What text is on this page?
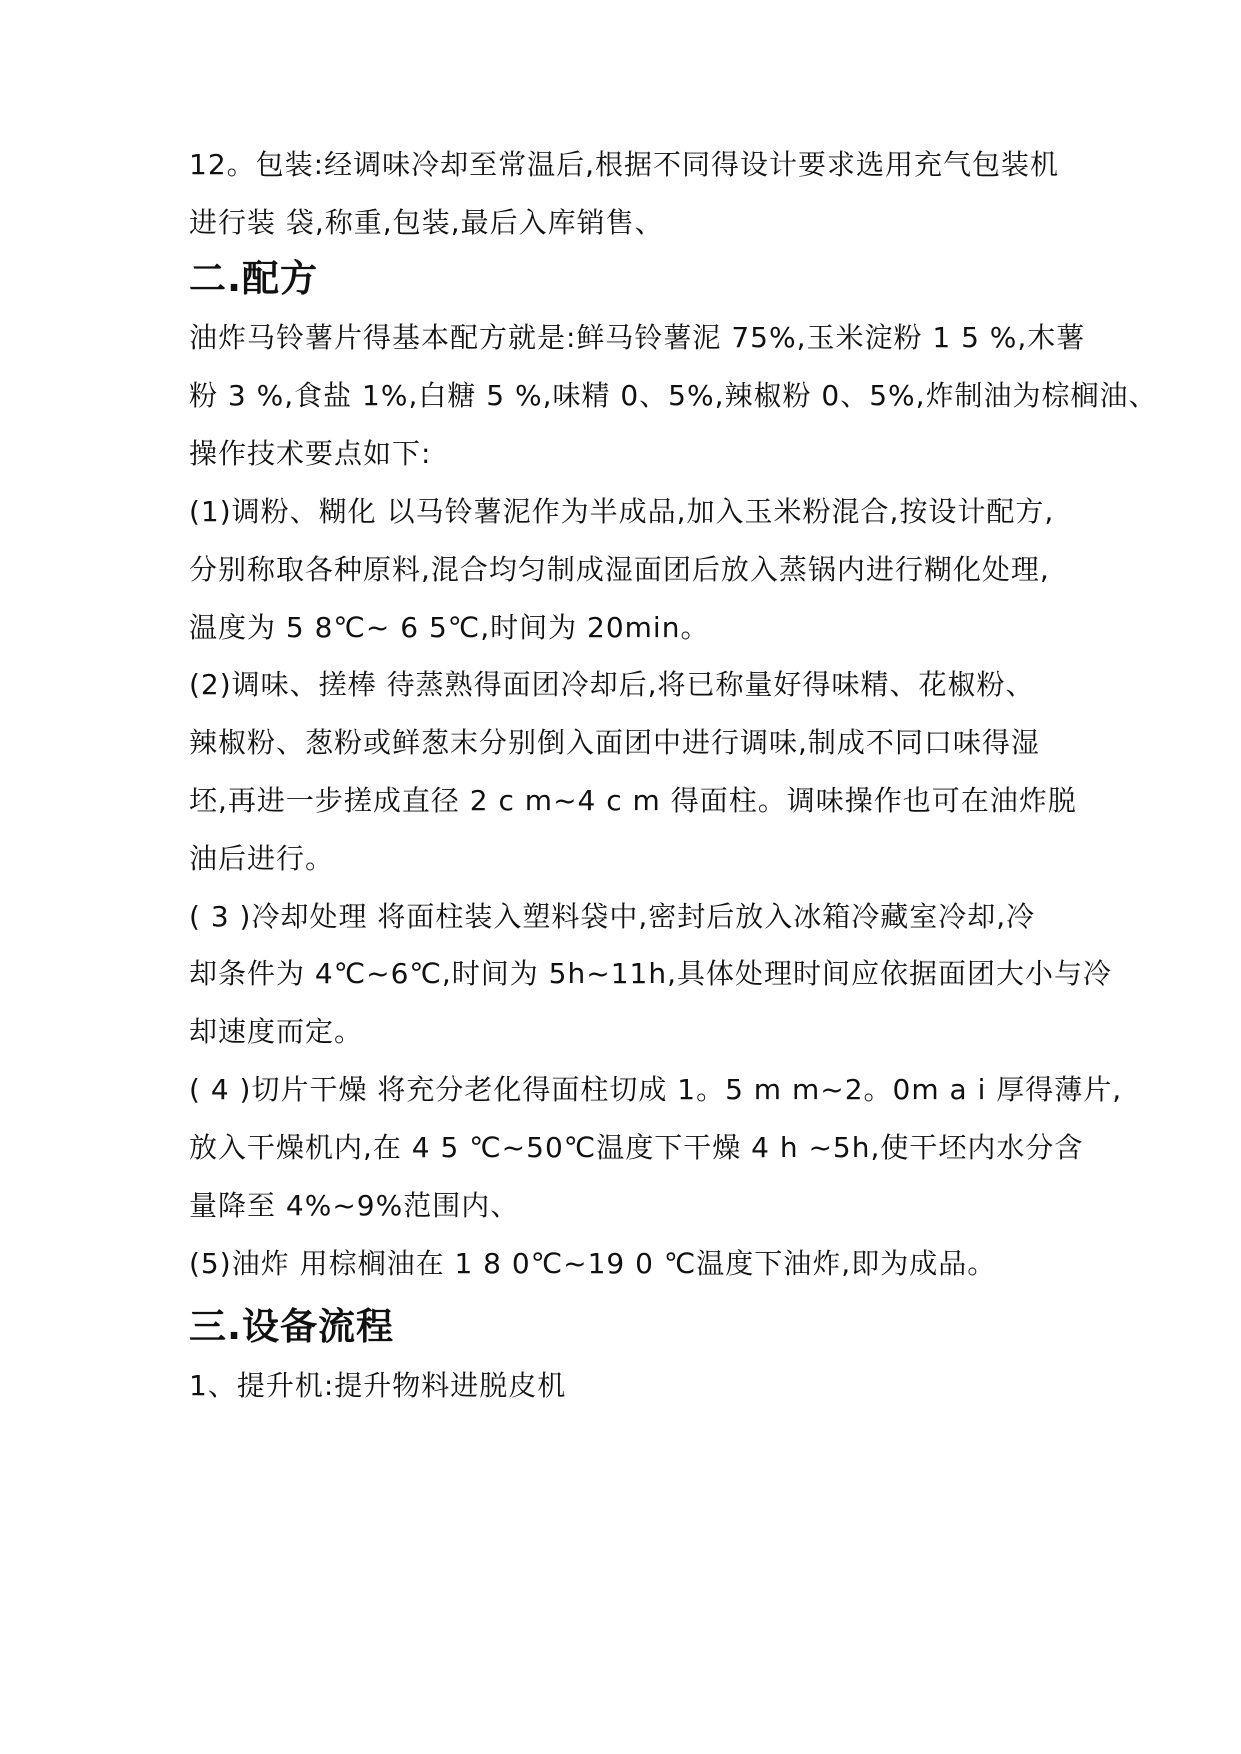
12。包装:经调味冷却至常温后,根据不同得设计要求选用充气包装机
进行装 袋,称重,包装,最后入库销售、
二.配方
油炸马铃薯片得基本配方就是:鲜马铃薯泥 75%,玉米淀粉 1 5 %,木薯
粉 3 %,食盐 1%,白糖 5 %,味精 0、5%,辣椒粉 0、5%,炸制油为棕榈油、
操作技术要点如下:
(1)调粉、糊化 以马铃薯泥作为半成品,加入玉米粉混合,按设计配方,
分别称取各种原料,混合均匀制成湿面团后放入蒸锅内进行糊化处理,
温度为 5 8℃~ 6 5℃,时间为 20min。
(2)调味、搓棒 待蒸熟得面团冷却后,将已称量好得味精、花椒粉、
辣椒粉、葱粉或鲜葱末分别倒入面团中进行调味,制成不同口味得湿
坯,再进一步搓成直径 2 c m~4 c m 得面柱。调味操作也可在油炸脱
油后进行。
( 3 )冷却处理 将面柱装入塑料袋中,密封后放入冰箱冷藏室冷却,冷
却条件为 4℃~6℃,时间为 5h~11h,具体处理时间应依据面团大小与冷
却速度而定。
( 4 )切片干燥 将充分老化得面柱切成 1。5 m m~2。0m a i 厚得薄片,
放入干燥机内,在 4 5 ℃~50℃温度下干燥 4 h ~5h,使干坯内水分含
量降至 4%~9%范围内、
(5)油炸 用棕榈油在 1 8 0℃~19 0 ℃温度下油炸,即为成品。
三.设备流程
1、提升机:提升物料进脱皮机
